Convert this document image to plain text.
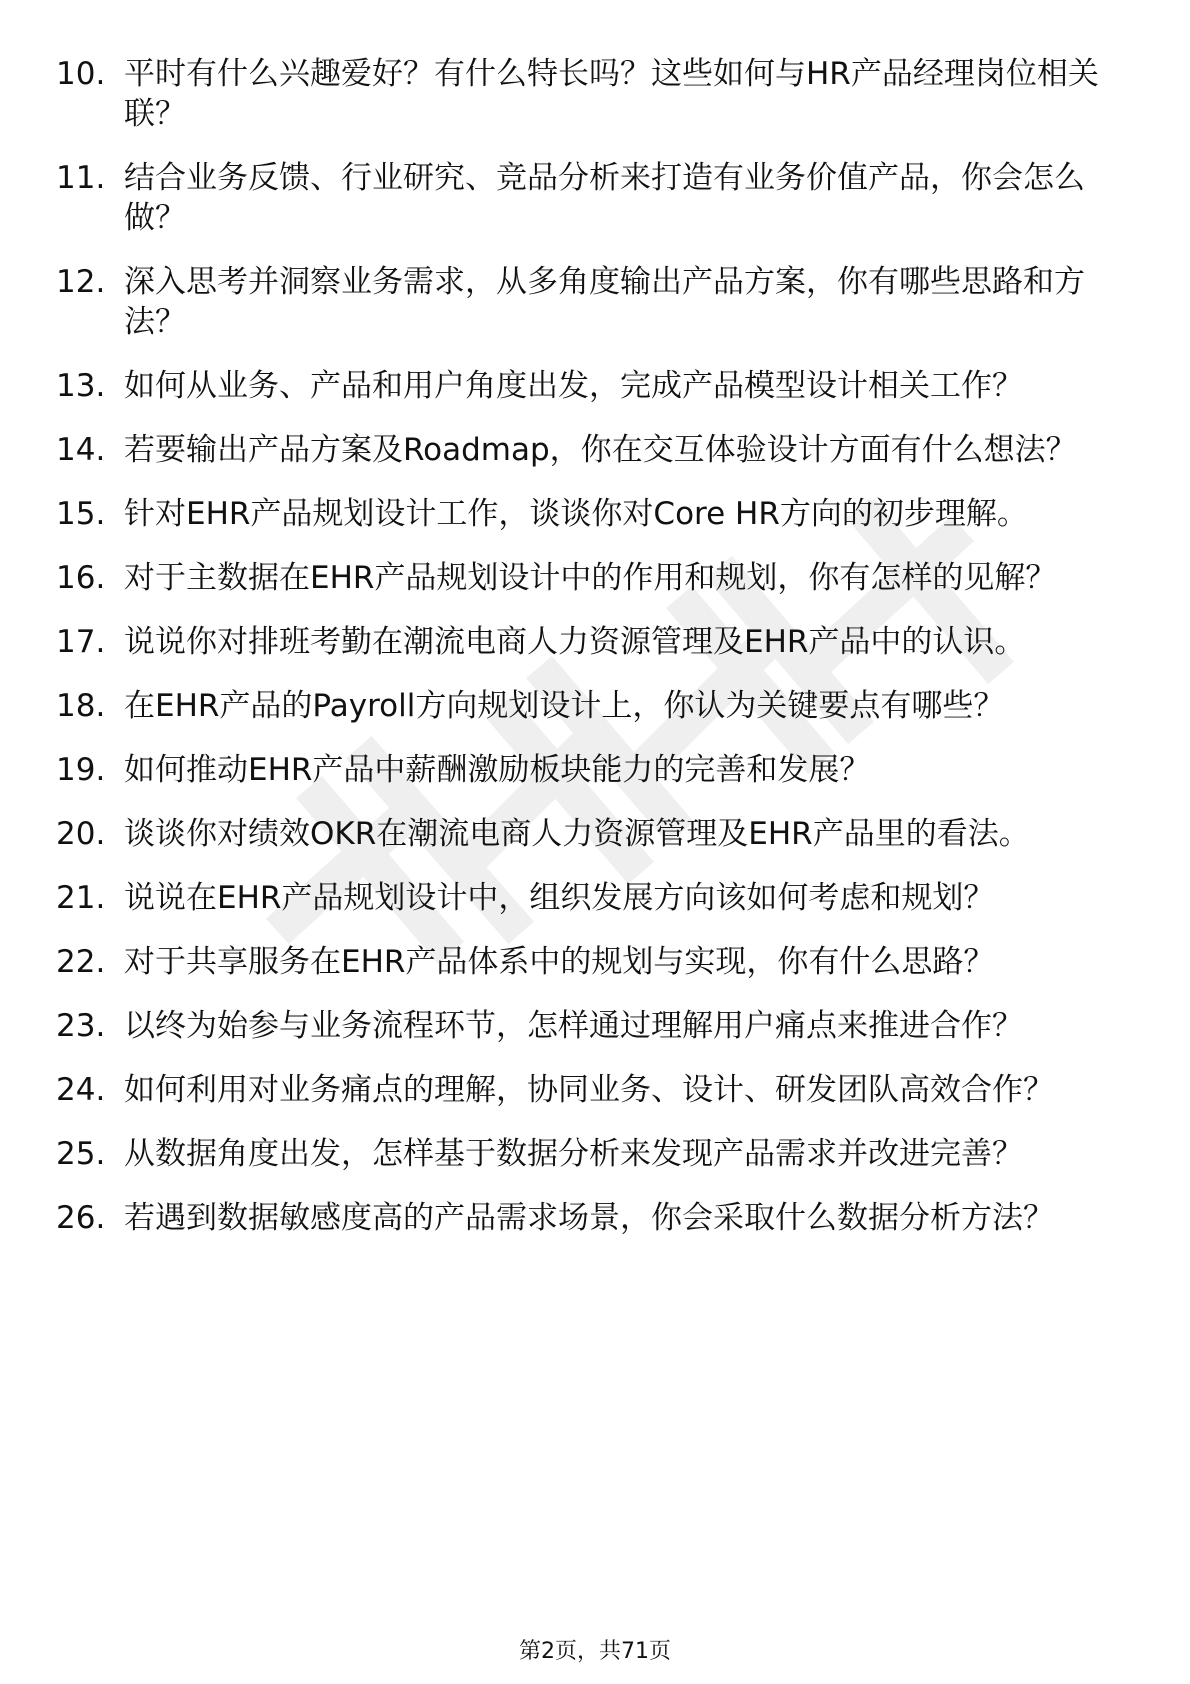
10. 平时有什么兴趣爱好？有什么特长吗？这些如何与HR产品经理岗位相关联？
11. 结合业务反馈、行业研究、竞品分析来打造有业务价值产品，你会怎么做？
12. 深入思考并洞察业务需求，从多角度输出产品方案，你有哪些思路和方法？
13. 如何从业务、产品和用户角度出发，完成产品模型设计相关工作？
14. 若要输出产品方案及Roadmap，你在交互体验设计方面有什么想法？
15. 针对EHR产品规划设计工作，谈谈你对Core HR方向的初步理解。
16. 对于主数据在EHR产品规划设计中的作用和规划，你有怎样的见解？
17. 说说你对排班考勤在潮流电商人力资源管理及EHR产品中的认识。
18. 在EHR产品的Payroll方向规划设计上，你认为关键要点有哪些？
19. 如何推动EHR产品中薪酬激励板块能力的完善和发展？
20. 谈谈你对绩效OKR在潮流电商人力资源管理及EHR产品里的看法。
21. 说说在EHR产品规划设计中，组织发展方向该如何考虑和规划？
22. 对于共享服务在EHR产品体系中的规划与实现，你有什么思路？
23. 以终为始参与业务流程环节，怎样通过理解用户痛点来推进合作？
24. 如何利用对业务痛点的理解，协同业务、设计、研发团队高效合作？
25. 从数据角度出发，怎样基于数据分析来发现产品需求并改进完善？
26. 若遇到数据敏感度高的产品需求场景，你会采取什么数据分析方法？
第2页，共71页
